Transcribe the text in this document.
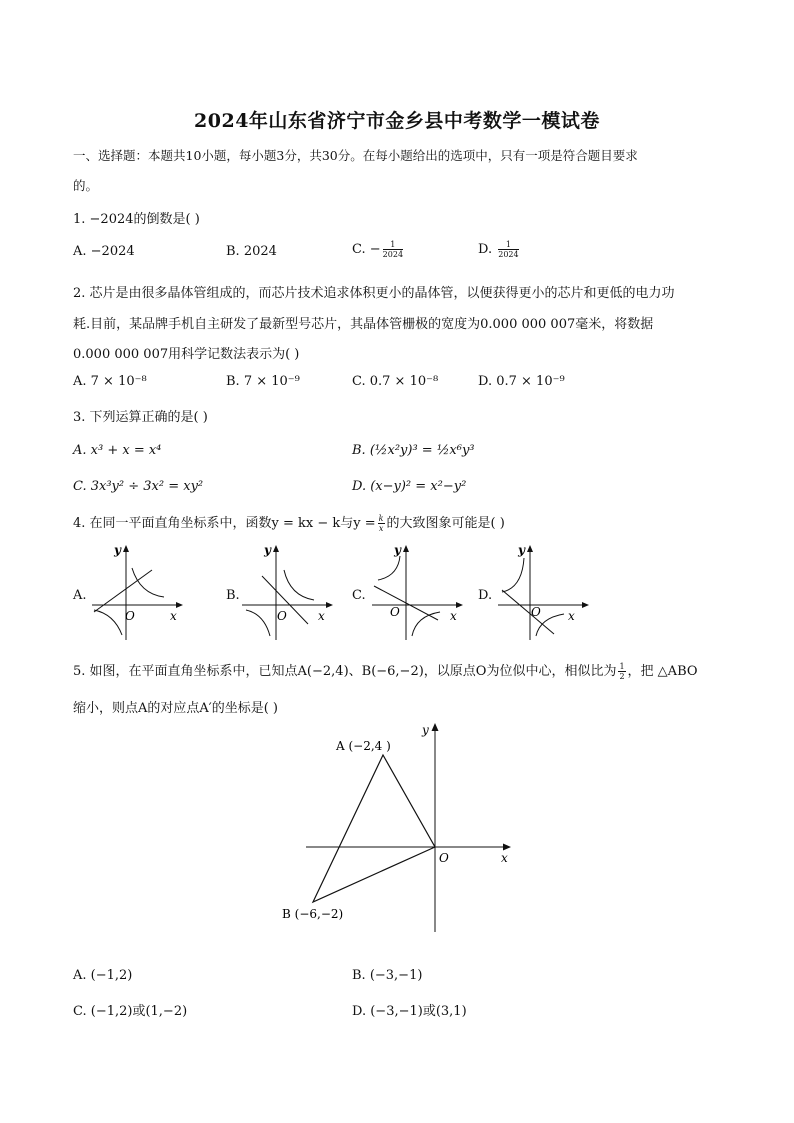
2024年山东省济宁市金乡县中考数学一模试卷
一、选择题：本题共10小题，每小题3分，共30分。在每小题给出的选项中，只有一项是符合题目要求
的。
1. −2024的倒数是( )
A. −2024	B. 2024	C. − $\frac{1}{2024}$	D. $\frac{1}{2024}$
2. 芯片是由很多晶体管组成的，而芯片技术追求体积更小的晶体管，以便获得更小的芯片和更低的电力功
耗.目前，某品牌手机自主研发了最新型号芯片，其晶体管栅极的宽度为0.000 000 007毫米，将数据
0.000 000 007用科学记数法表示为( )
A. 7 × 10⁻⁸	B. 7 × 10⁻⁹	C. 0.7 × 10⁻⁸	D. 0.7 × 10⁻⁹
3. 下列运算正确的是( )
A. x³ + x = x⁴	B. (½x²y)³ = ½x⁶y³
C. 3x³y² ÷ 3x² = xy²	D. (x−y)² = x²−y²
4. 在同一平面直角坐标系中，函数y = kx − k与$y = \frac{k}{x}$ 的大致图象可能是( )
A.	B.	C.	D.
y
x
O
y
x
O
y
x
O
y
x
O
5. 如图，在平面直角坐标系中，已知点A(−2,4)、B(−6,−2)，以原点O为位似中心，相似比为 $\frac{1}{2}$ ，把 △ABO
缩小，则点A的对应点A′的坐标是( )
A (−2,4 )
B (−6,−2)
O	x
y
A. (−1,2)	B. (−3,−1)
C. (−1,2)或(1,−2)	D. (−3,−1)或(3,1)
